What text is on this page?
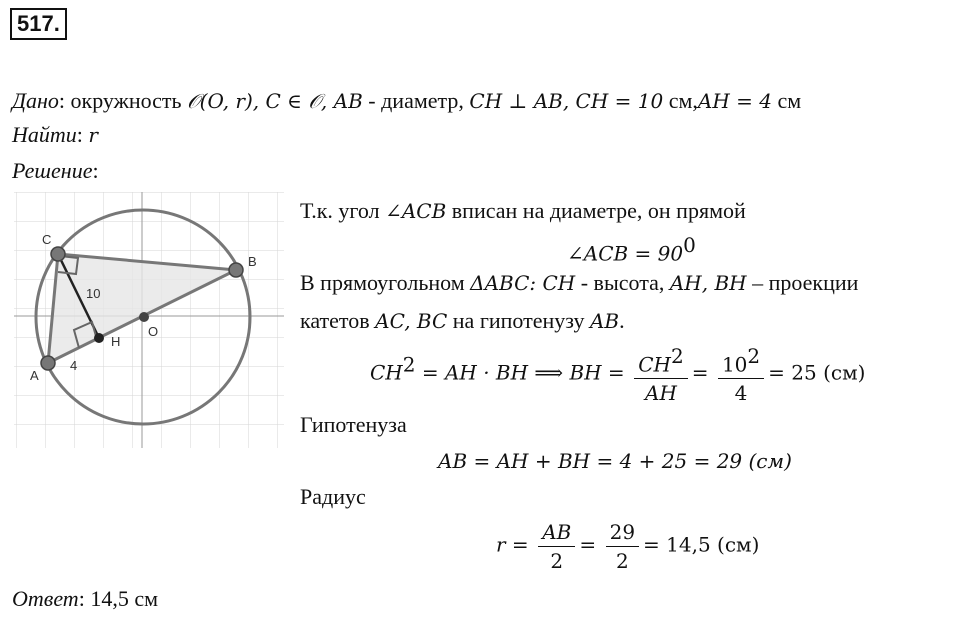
517.
Дано: окружность 𝒪(O, r), C ∈ 𝒪, AB - диаметр, CH ⊥ AB, CH = 10 см,AH = 4 см
Найти: r
Решение:
C
B
O
H
A
10
4
Т.к. угол ∠ACB вписан на диаметре, он прямой
∠ACB = $90^0$
В прямоугольном ΔABC: CH - высота, AH, BH – проекции
катетов AC, BC на гипотенузу AB.
$CH^2$ = AH · BH ⟹ BH = $\frac{CH^2}{AH} = \frac{10^2}{4} = 25$ (см)
Гипотенуза
AB = AH + BH = 4 + 25 = 29 (см)
Радиус
$r = \frac{AB}{2} = \frac{29}{2} = 14,5$ (см)
Ответ: 14,5 см
